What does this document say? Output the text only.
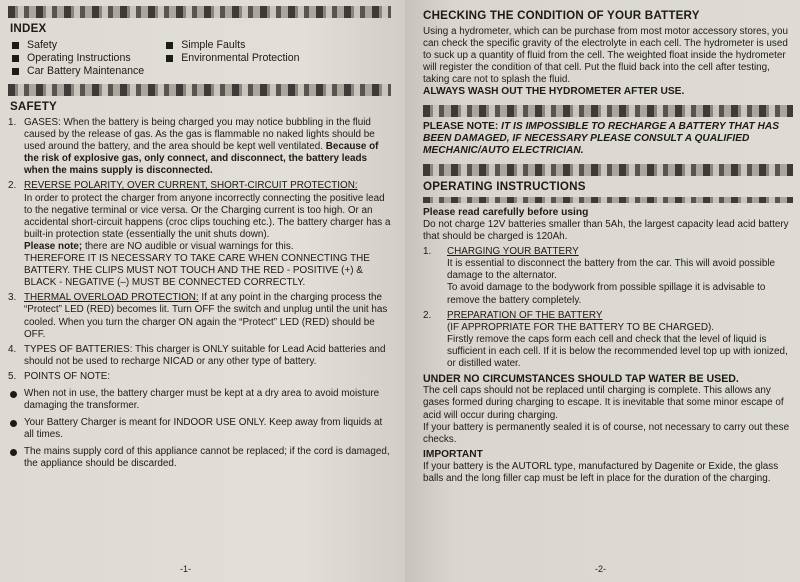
INDEX
Safety
Operating Instructions
Car Battery Maintenance
Simple Faults
Environmental Protection
SAFETY
1. GASES: When the battery is being charged you may notice bubbling in the fluid caused by the release of gas. As the gas is flammable no naked lights should be used around the battery, and the area should be kept well ventilated. Because of the risk of explosive gas, only connect, and disconnect, the battery leads when the mains supply is disconnected.
2. REVERSE POLARITY, OVER CURRENT, SHORT-CIRCUIT PROTECTION:
In order to protect the charger from anyone incorrectly connecting the positive lead to the negative terminal or vice versa. Or the Charging current is too high. Or an accidental short-circuit happens (croc clips touching etc.). The battery charger has a built-in protection state (essentially the unit shuts down).
Please note; there are NO audible or visual warnings for this.
THEREFORE IT IS NECESSARY TO TAKE CARE WHEN CONNECTING THE BATTERY. THE CLIPS MUST NOT TOUCH AND THE RED - POSITIVE (+) & BLACK - NEGATIVE (–) MUST BE CONNECTED CORRECTLY.
3. THERMAL OVERLOAD PROTECTION: If at any point in the charging process the “Protect” LED (RED) becomes lit. Turn OFF the switch and unplug until the unit has cooled. When you turn the charger ON again the “Protect” LED (RED) should be OFF.
4. TYPES OF BATTERIES: This charger is ONLY suitable for Lead Acid batteries and should not be used to recharge NICAD or any other type of battery.
5. POINTS OF NOTE:
When not in use, the battery charger must be kept at a dry area to avoid moisture damaging the transformer.
Your Battery Charger is meant for INDOOR USE ONLY. Keep away from liquids at all times.
The mains supply cord of this appliance cannot be replaced; if the cord is damaged, the appliance should be discarded.
-1-
CHECKING THE CONDITION OF YOUR BATTERY

Using a hydrometer, which can be purchase from most motor accessory stores, you can check the specific gravity of the electrolyte in each cell. The hydrometer is used to suck up a quantity of fluid from the cell. The weighted float inside the hydrometer will register the condition of that cell. Put the fluid back into the cell after testing, taking care not to splash the fluid.

ALWAYS WASH OUT THE HYDROMETER AFTER USE.

PLEASE NOTE: IT IS IMPOSSIBLE TO RECHARGE A BATTERY THAT HAS BEEN DAMAGED, IF NECESSARY PLEASE CONSULT A QUALIFIED MECHANIC/AUTO ELECTRICIAN.

OPERATING INSTRUCTIONS

Please read carefully before using

Do not charge 12V batteries smaller than 5Ah, the largest capacity lead acid battery that should be charged is 120Ah.

1.	CHARGING YOUR BATTERY
It is essential to disconnect the battery from the car. This will avoid possible damage to the alternator.
To avoid damage to the bodywork from possible spillage it is advisable to remove the battery completely.
2.	PREPARATION OF THE BATTERY
(IF APPROPRIATE FOR THE BATTERY TO BE CHARGED).
Firstly remove the caps form each cell and check that the level of liquid is sufficient in each cell. If it is below the recommended level top up with ionized, or distilled water.

UNDER NO CIRCUMSTANCES SHOULD TAP WATER BE USED.

The cell caps should not be replaced until charging is complete. This allows any gases formed during charging to escape. It is inevitable that some minor escape of acid will occur during charging.

If your battery is permanently sealed it is of course, not necessary to carry out these checks.

IMPORTANT

If your battery is the AUTORL type, manufactured by Dagenite or Exide, the glass balls and the long filler cap must be left in place for the duration of the charging.

-2-
